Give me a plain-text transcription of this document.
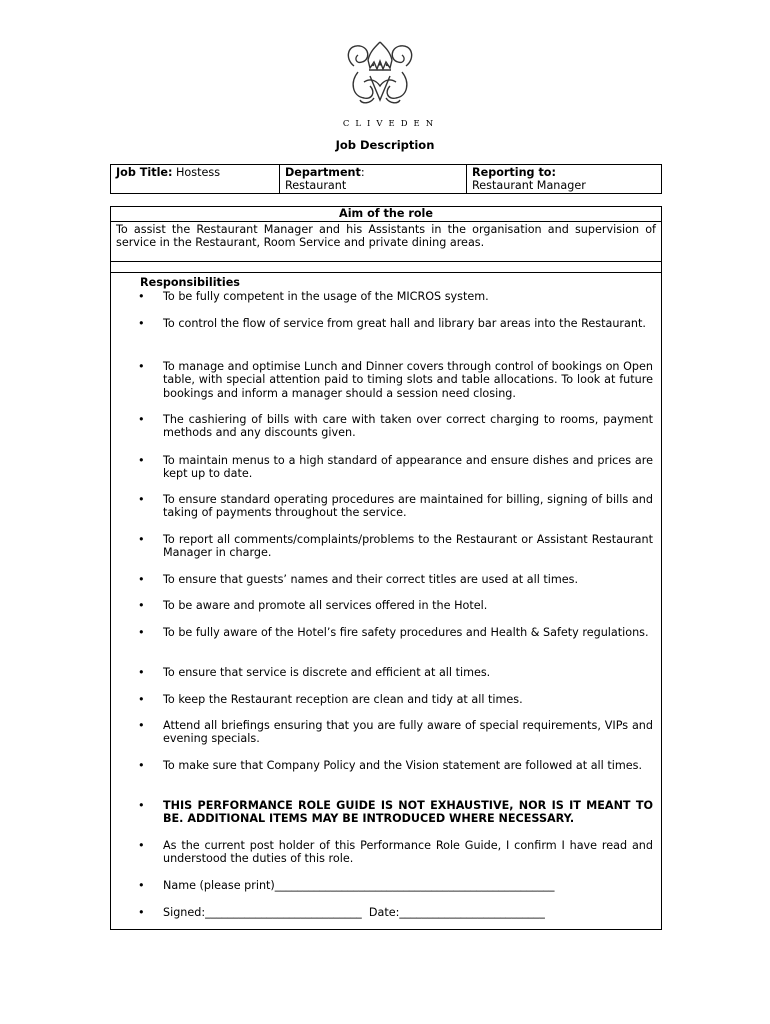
CLIVEDEN
Job Description
Job Title: Hostess	Department:
Restaurant
Reporting to:
Restaurant Manager
Aim of the role
To assist the Restaurant Manager and his Assistants in the organisation and supervision of service in the Restaurant, Room Service and private dining areas.
Responsibilities
• To be fully competent in the usage of the MICROS system.
• To control the flow of service from great hall and library bar areas into the Restaurant.
• To manage and optimise Lunch and Dinner covers through control of bookings on Open table, with special attention paid to timing slots and table allocations. To look at future bookings and inform a manager should a session need closing.
• The cashiering of bills with care with taken over correct charging to rooms, payment methods and any discounts given.
• To maintain menus to a high standard of appearance and ensure dishes and prices are kept up to date.
• To ensure standard operating procedures are maintained for billing, signing of bills and taking of payments throughout the service.
• To report all comments/complaints/problems to the Restaurant or Assistant Restaurant Manager in charge.
• To ensure that guests’ names and their correct titles are used at all times.
• To be aware and promote all services offered in the Hotel.
• To be fully aware of the Hotel’s fire safety procedures and Health & Safety regulations.
• To ensure that service is discrete and efficient at all times.
• To keep the Restaurant reception are clean and tidy at all times.
• Attend all briefings ensuring that you are fully aware of special requirements, VIPs and evening specials.
• To make sure that Company Policy and the Vision statement are followed at all times.
• THIS PERFORMANCE ROLE GUIDE IS NOT EXHAUSTIVE, NOR IS IT MEANT TO BE. ADDITIONAL ITEMS MAY BE INTRODUCED WHERE NECESSARY.
• As the current post holder of this Performance Role Guide, I confirm I have read and understood the duties of this role.
• Name (please print)__________________________________________________
• Signed:____________________________  Date:__________________________
